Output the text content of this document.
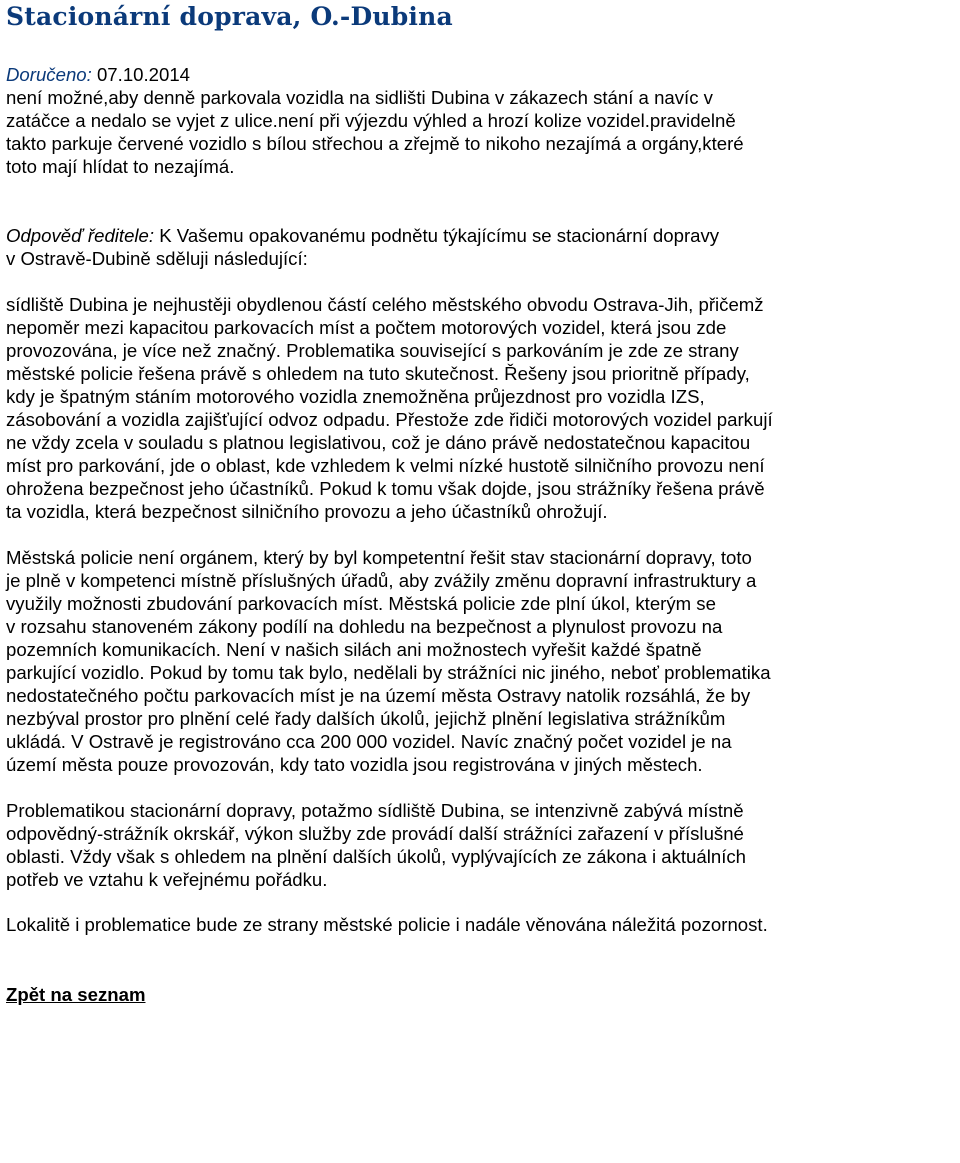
Stacionární doprava, O.-Dubina
Doručeno: 07.10.2014
není možné,aby denně parkovala vozidla na sidlišti Dubina v zákazech stání a navíc v
zatáčce a nedalo se vyjet z ulice.není při výjezdu výhled a hrozí kolize vozidel.pravidelně
takto parkuje červené vozidlo s bílou střechou a zřejmě to nikoho nezajímá a orgány,které
toto mají hlídat to nezajímá.
Odpověď ředitele: K Vašemu opakovanému podnětu týkajícímu se stacionární dopravy
v Ostravě-Dubině sděluji následující:
sídliště Dubina je nejhustěji obydlenou částí celého městského obvodu Ostrava-Jih, přičemž
nepoměr mezi kapacitou parkovacích míst a počtem motorových vozidel, která jsou zde
provozována, je více než značný. Problematika související s parkováním je zde ze strany
městské policie řešena právě s ohledem na tuto skutečnost. Řešeny jsou prioritně případy,
kdy je špatným stáním motorového vozidla znemožněna průjezdnost pro vozidla IZS,
zásobování a vozidla zajišťující odvoz odpadu. Přestože zde řidiči motorových vozidel parkují
ne vždy zcela v souladu s platnou legislativou, což je dáno právě nedostatečnou kapacitou
míst pro parkování, jde o oblast, kde vzhledem k velmi nízké hustotě silničního provozu není
ohrožena bezpečnost jeho účastníků. Pokud k tomu však dojde, jsou strážníky řešena právě
ta vozidla, která bezpečnost silničního provozu a jeho účastníků ohrožují.
Městská policie není orgánem, který by byl kompetentní řešit stav stacionární dopravy, toto
je plně v kompetenci místně příslušných úřadů, aby zvážily změnu dopravní infrastruktury a
využily možnosti zbudování parkovacích míst. Městská policie zde plní úkol, kterým se
v rozsahu stanoveném zákony podílí na dohledu na bezpečnost a plynulost provozu na
pozemních komunikacích. Není v našich silách ani možnostech vyřešit každé špatně
parkující vozidlo. Pokud by tomu tak bylo, nedělali by strážníci nic jiného, neboť problematika
nedostatečného počtu parkovacích míst je na území města Ostravy natolik rozsáhlá, že by
nezbýval prostor pro plnění celé řady dalších úkolů, jejichž plnění legislativa strážníkům
ukládá. V Ostravě je registrováno cca 200 000 vozidel. Navíc značný počet vozidel je na
území města pouze provozován, kdy tato vozidla jsou registrována v jiných městech.
Problematikou stacionární dopravy, potažmo sídliště Dubina, se intenzivně zabývá místně
odpovědný-strážník okrskář, výkon služby zde provádí další strážníci zařazení v příslušné
oblasti. Vždy však s ohledem na plnění dalších úkolů, vyplývajících ze zákona i aktuálních
potřeb ve vztahu k veřejnému pořádku.
Lokalitě i problematice bude ze strany městské policie i nadále věnována náležitá pozornost.
Zpět na seznam
